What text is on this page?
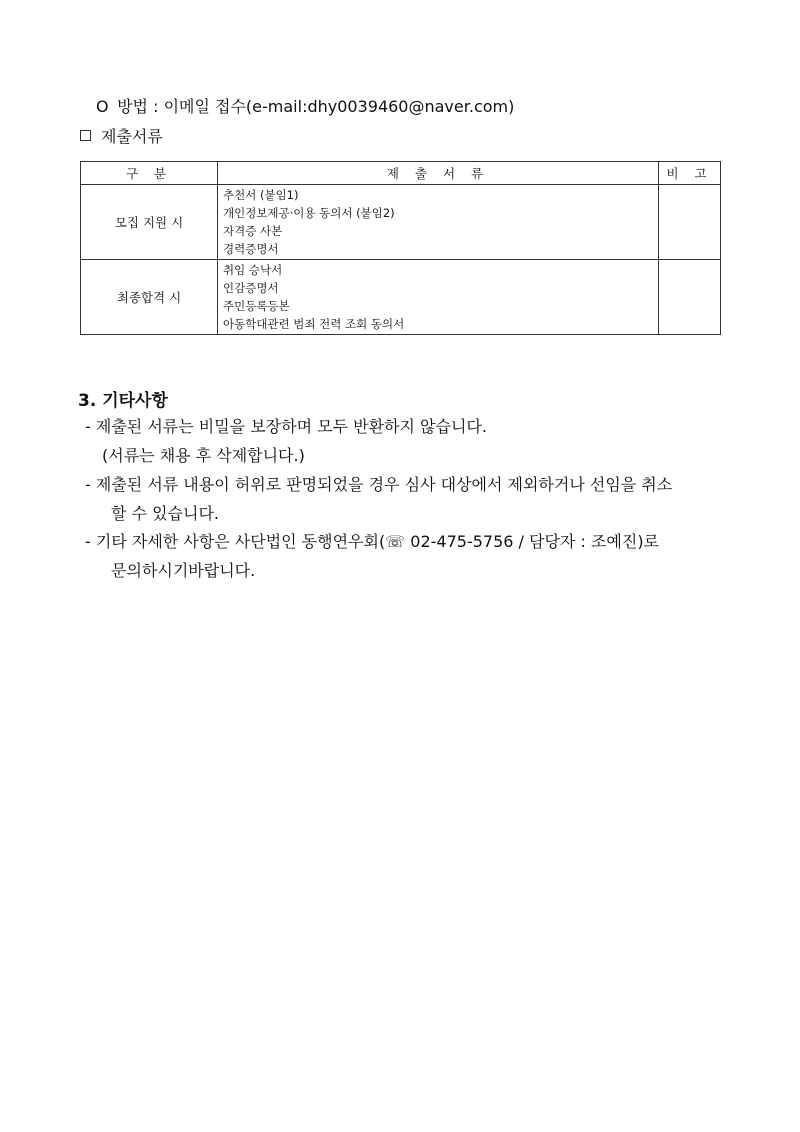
O 방법 : 이메일 접수(e-mail:dhy0039460@naver.com)
제출서류
구 분	제 출 서 류	비 고
모집 지원 시	추천서 (붙임1)
개인정보제공·이용 동의서 (붙임2)
자격증 사본
경력증명서	

최종합격 시	취임 승낙서
인감증명서
주민등록등본
아동학대관련 범죄 전력 조회 동의서	

3. 기타사항
- 제출된 서류는 비밀을 보장하며 모두 반환하지 않습니다.
(서류는 채용 후 삭제합니다.)
- 제출된 서류 내용이 허위로 판명되었을 경우 심사 대상에서 제외하거나 선임을 취소
할 수 있습니다.
- 기타 자세한 사항은 사단법인 동행연우회(☏ 02-475-5756 / 담당자 : 조예진)로
문의하시기바랍니다.
